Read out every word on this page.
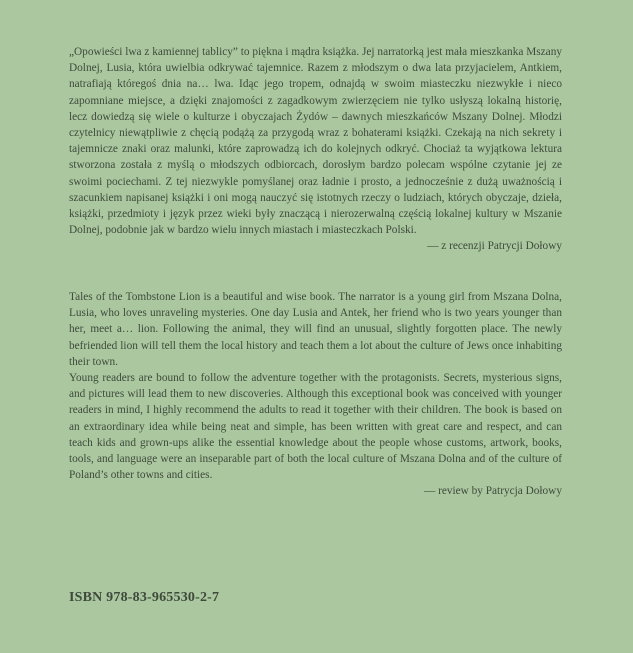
„Opowieści lwa z kamiennej tablicy” to piękna i mądra książka. Jej narratorką jest mała mieszkanka Mszany Dolnej, Lusia, która uwielbia odkrywać tajemnice. Razem z młodszym o dwa lata przyjacielem, Antkiem, natrafiają któregoś dnia na… lwa. Idąc jego tropem, odnajdą w swoim miasteczku niezwykłe i nieco zapomniane miejsce, a dzięki znajomości z zagadkowym zwierzęciem nie tylko usłyszą lokalną historię, lecz dowiedzą się wiele o kulturze i obyczajach Żydów – dawnych mieszkańców Mszany Dolnej. Młodzi czytelnicy niewątpliwie z chęcią podążą za przygodą wraz z bohaterami książki. Czekają na nich sekrety i tajemnicze znaki oraz malunki, które zaprowadzą ich do kolejnych odkryć. Chociaż ta wyjątkowa lektura stworzona została z myślą o młodszych odbiorcach, dorosłym bardzo polecam wspólne czytanie jej ze swoimi pociechami. Z tej niezwykle pomyślanej oraz ładnie i prosto, a jednocześnie z dużą uważnością i szacunkiem napisanej książki i oni mogą nauczyć się istotnych rzeczy o ludziach, których obyczaje, dzieła, książki, przedmioty i język przez wieki były znaczącą i nierozerwalną częścią lokalnej kultury w Mszanie Dolnej, podobnie jak w bardzo wielu innych miastach i miasteczkach Polski.

— z recenzji Patrycji Dołowy

Tales of the Tombstone Lion is a beautiful and wise book. The narrator is a young girl from Mszana Dolna, Lusia, who loves unraveling mysteries. One day Lusia and Antek, her friend who is two years younger than her, meet a… lion. Following the animal, they will find an unusual, slightly forgotten place. The newly befriended lion will tell them the local history and teach them a lot about the culture of Jews once inhabiting their town.

Young readers are bound to follow the adventure together with the protagonists. Secrets, mysterious signs, and pictures will lead them to new discoveries. Although this exceptional book was conceived with younger readers in mind, I highly recommend the adults to read it together with their children. The book is based on an extraordinary idea while being neat and simple, has been written with great care and respect, and can teach kids and grown-ups alike the essential knowledge about the people whose customs, artwork, books, tools, and language were an inseparable part of both the local culture of Mszana Dolna and of the culture of Poland’s other towns and cities.

— review by Patrycja Dołowy

ISBN 978-83-965530-2-7
